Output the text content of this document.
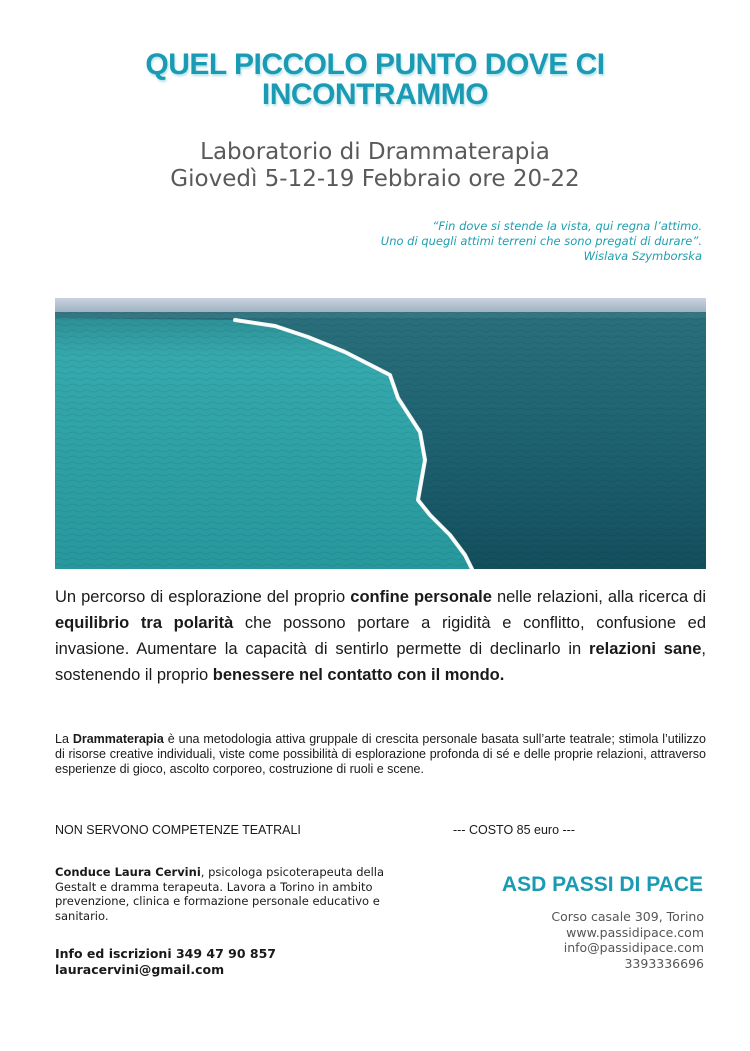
QUEL PICCOLO PUNTO DOVE CI
INCONTRAMMO
Laboratorio di Drammaterapia
Giovedì 5-12-19 Febbraio ore 20-22
“Fin dove si stende la vista, qui regna l’attimo.
Uno di quegli attimi terreni che sono pregati di durare”.
Wislava Szymborska
Un percorso di esplorazione del proprio confine personale nelle relazioni, alla ricerca di equilibrio tra polarità che possono portare a rigidità e conflitto, confusione ed invasione. Aumentare la capacità di sentirlo permette di declinarlo in relazioni sane, sostenendo il proprio benessere nel contatto con il mondo.
La Drammaterapia è una metodologia attiva gruppale di crescita personale basata sull’arte teatrale; stimola l’utilizzo di risorse creative individuali, viste come possibilità di esplorazione profonda di sé e delle proprie relazioni, attraverso esperienze di gioco, ascolto corporeo, costruzione di ruoli e scene.
NON SERVONO COMPETENZE TEATRALI	--- COSTO 85 euro ---
Conduce Laura Cervini, psicologa psicoterapeuta della Gestalt e dramma terapeuta. Lavora a Torino in ambito prevenzione, clinica e formazione personale educativo e sanitario.
Info ed iscrizioni 349 47 90 857
lauracervini@gmail.com
ASD PASSI DI PACE
Corso casale 309, Torino
www.passidipace.com
info@passidipace.com
3393336696
